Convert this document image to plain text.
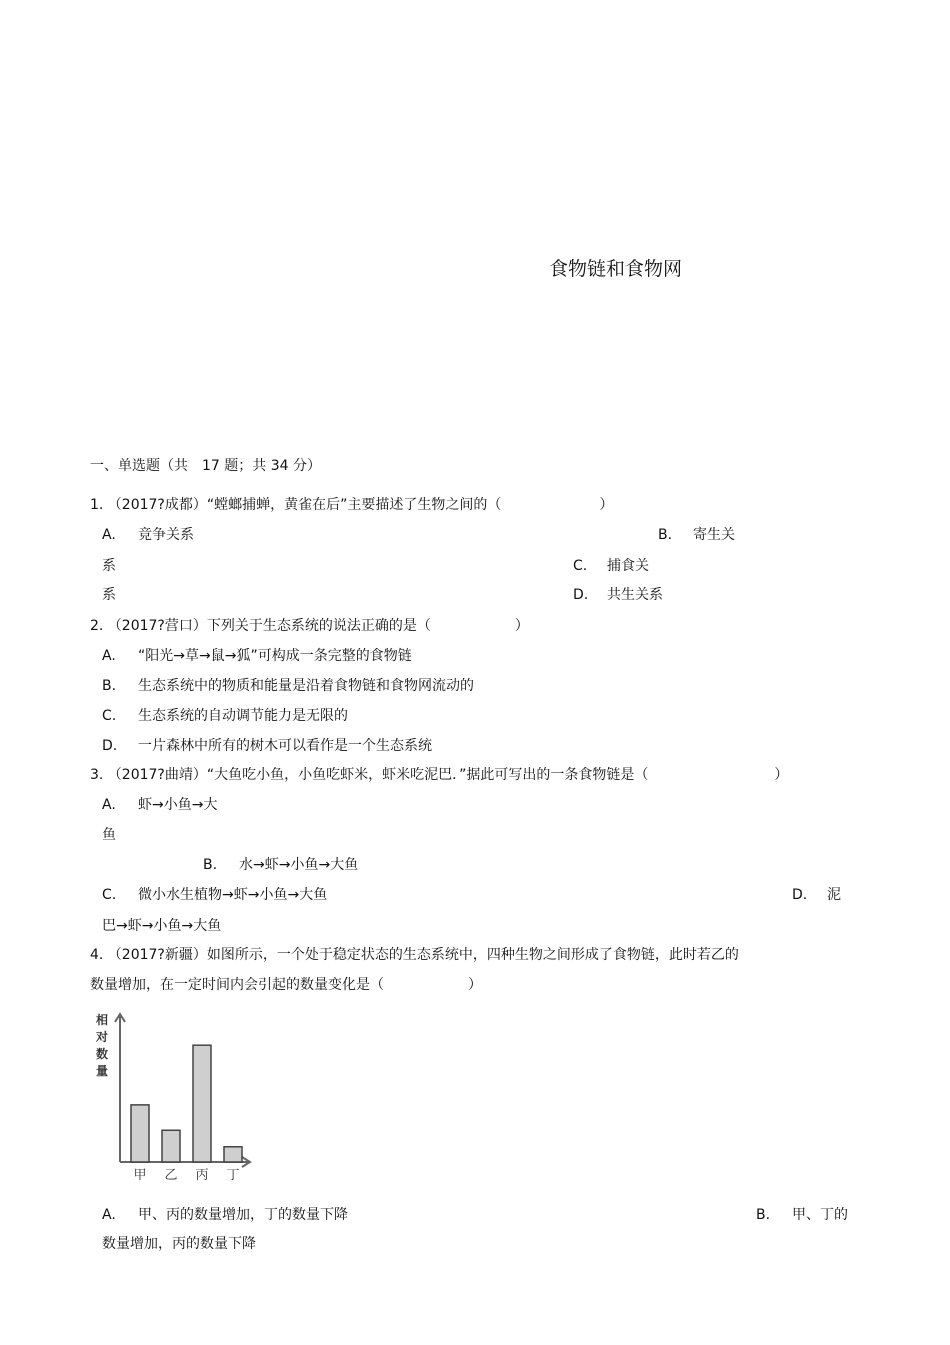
食物链和食物网
一、单选题（共　17 题；共 34 分）
1. （2017?成都）“螳螂捕蝉，黄雀在后”主要描述了生物之间的（　　　　　　　）
A. 竞争关系	B. 寄生关
系	C. 捕食关
系	D. 共生关系
2. （2017?营口）下列关于生态系统的说法正确的是（　　　　　　）
A. “阳光→草→鼠→狐”可构成一条完整的食物链
B. 生态系统中的物质和能量是沿着食物链和食物网流动的
C. 生态系统的自动调节能力是无限的
D. 一片森林中所有的树木可以看作是一个生态系统
3. （2017?曲靖）“大鱼吃小鱼，小鱼吃虾米，虾米吃泥巴．”据此可写出的一条食物链是（　　　　　　　　　）
A. 虾→小鱼→大
鱼
B. 水→虾→小鱼→大鱼
C. 微小水生植物→虾→小鱼→大鱼	D. 泥
巴→虾→小鱼→大鱼
4. （2017?新疆）如图所示，一个处于稳定状态的生态系统中，四种生物之间形成了食物链，此时若乙的
数量增加，在一定时间内会引起的数量变化是（　　　　　　）
相
对
数
量
甲 乙 丙 丁
A. 甲、丙的数量增加，丁的数量下降	B. 甲、丁的
数量增加，丙的数量下降
